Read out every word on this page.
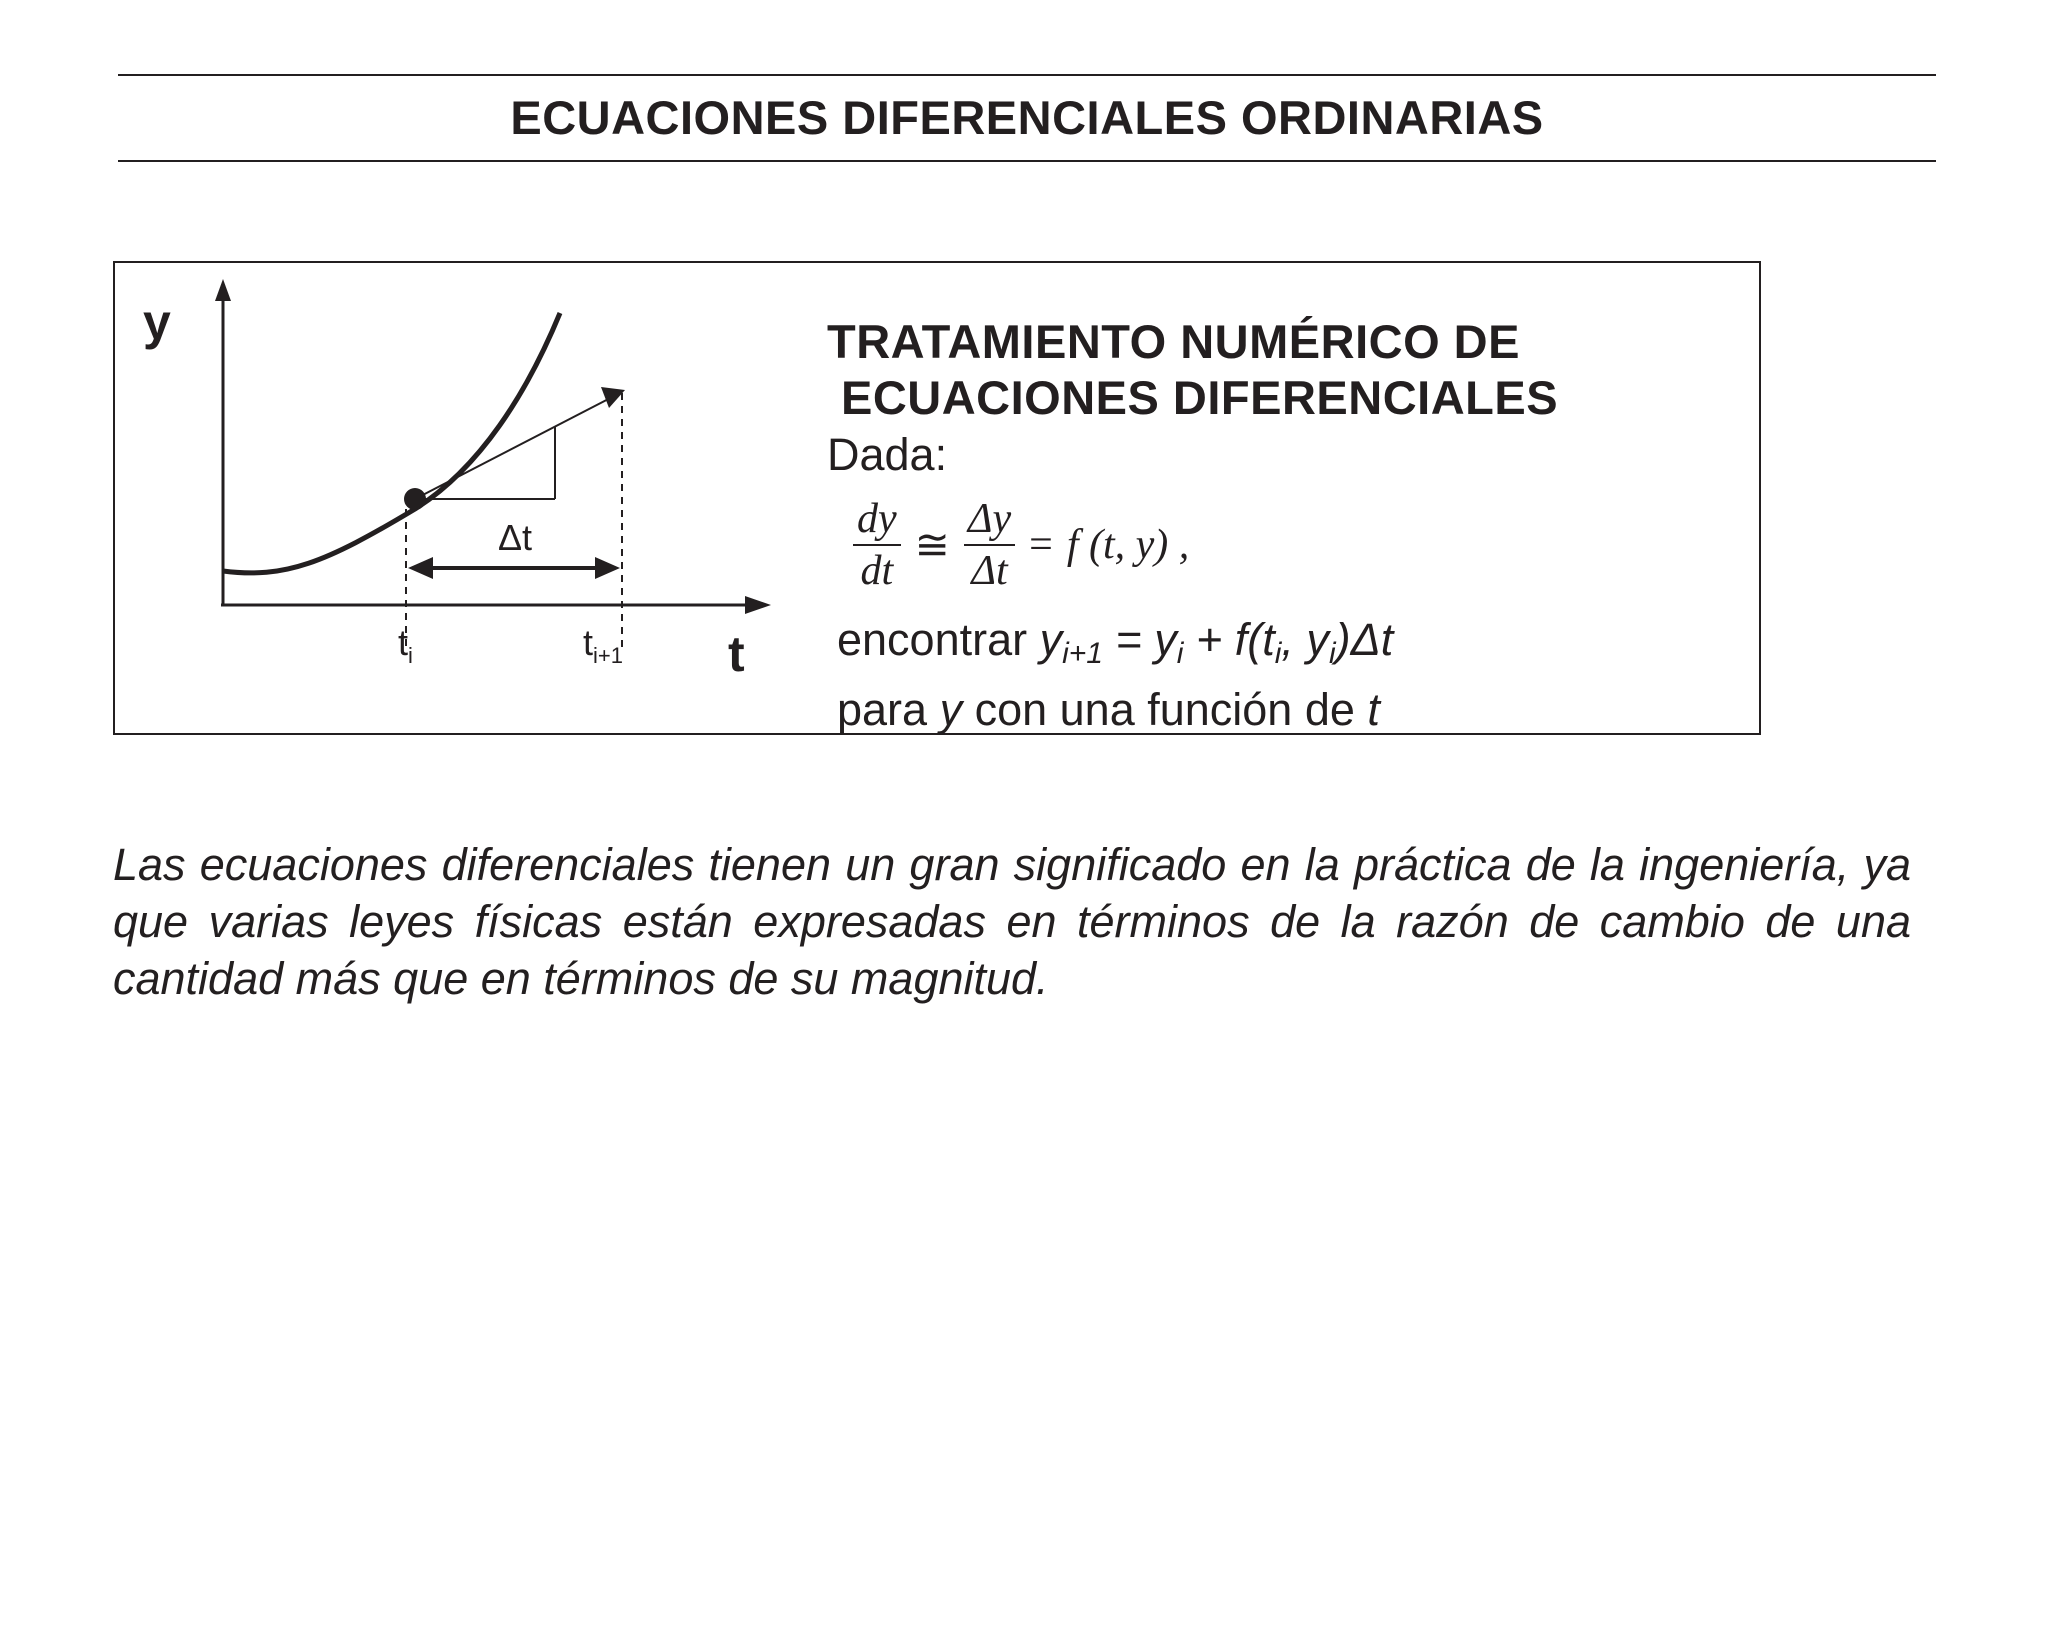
ECUACIONES DIFERENCIALES ORDINARIAS
y
t
Δt
$t_i$	$t_{i+1}$
TRATAMIENTO NUMÉRICO DE
ECUACIONES DIFERENCIALES

Dada:

$\frac{dy}{dt}$ ≅ $\frac{\Delta y}{\Delta t} = f$ (t, y) ,

encontrar $y_{i+1} = y_i + f(t_i$, $y_i)\Delta t$

para y con una función de t

Las ecuaciones diferenciales tienen un gran significado en la práctica de la ingeniería, ya que varias leyes físicas están expresadas en términos de la razón de cambio de una cantidad más que en términos de su magnitud.
